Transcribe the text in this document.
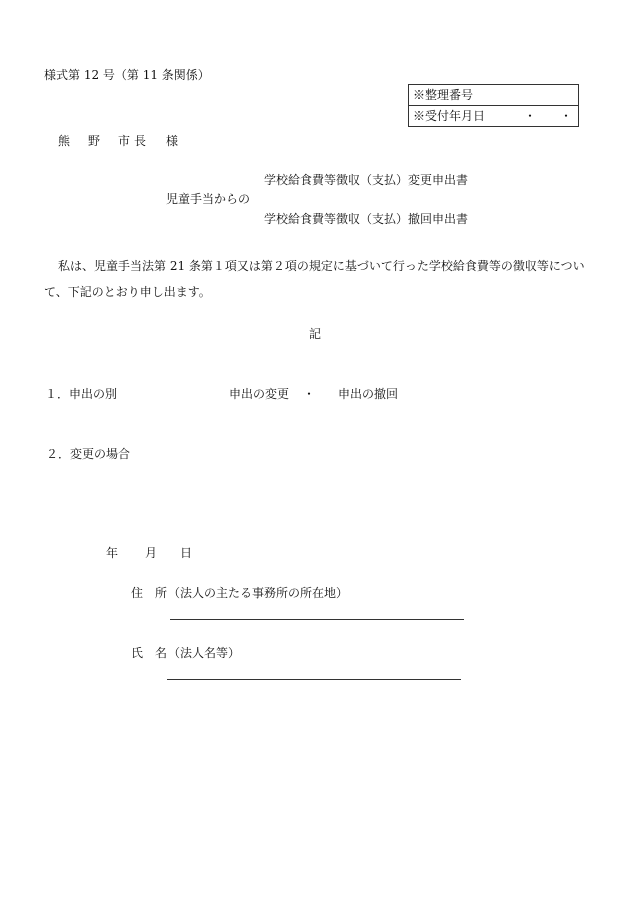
様式第 12 号（第 11 条関係）
※整理番号
※受付年月日	・　　・
熊 野 市 長 様
学校給食費等徴収（支払）変更申出書
児童手当からの
学校給食費等徴収（支払）撤回申出書
私は、児童手当法第 21 条第１項又は第２項の規定に基づいて行った学校給食費等の徴収等につい
て、下記のとおり申し出ます。
記
１．申出の別	申出の変更 ・ 申出の撤回
２．変更の場合
年 月 日
住 所 （法人の主たる事務所の所在地）
氏 名 （法人名等）
